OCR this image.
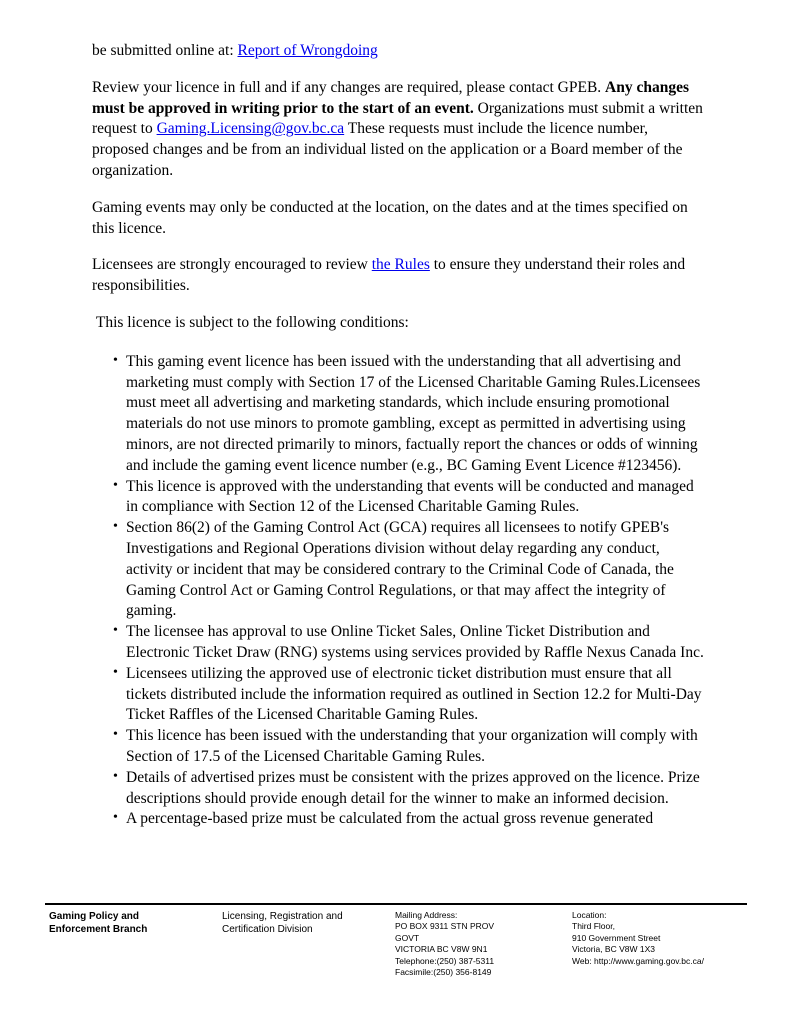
be submitted online at: Report of Wrongdoing

Review your licence in full and if any changes are required, please contact GPEB. Any changes must be approved in writing prior to the start of an event. Organizations must submit a written request to Gaming.Licensing@gov.bc.ca These requests must include the licence number, proposed changes and be from an individual listed on the application or a Board member of the organization.

Gaming events may only be conducted at the location, on the dates and at the times specified on this licence.

Licensees are strongly encouraged to review the Rules to ensure they understand their roles and responsibilities.

This licence is subject to the following conditions:

• This gaming event licence has been issued with the understanding that all advertising and marketing must comply with Section 17 of the Licensed Charitable Gaming Rules.Licensees must meet all advertising and marketing standards, which include ensuring promotional materials do not use minors to promote gambling, except as permitted in advertising using minors, are not directed primarily to minors, factually report the chances or odds of winning and include the gaming event licence number (e.g., BC Gaming Event Licence #123456).
• This licence is approved with the understanding that events will be conducted and managed in compliance with Section 12 of the Licensed Charitable Gaming Rules.
• Section 86(2) of the Gaming Control Act (GCA) requires all licensees to notify GPEB's Investigations and Regional Operations division without delay regarding any conduct, activity or incident that may be considered contrary to the Criminal Code of Canada, the Gaming Control Act or Gaming Control Regulations, or that may affect the integrity of gaming.
• The licensee has approval to use Online Ticket Sales, Online Ticket Distribution and Electronic Ticket Draw (RNG) systems using services provided by Raffle Nexus Canada Inc.
• Licensees utilizing the approved use of electronic ticket distribution must ensure that all tickets distributed include the information required as outlined in Section 12.2 for Multi-Day Ticket Raffles of the Licensed Charitable Gaming Rules.
• This licence has been issued with the understanding that your organization will comply with Section of 17.5 of the Licensed Charitable Gaming Rules.
• Details of advertised prizes must be consistent with the prizes approved on the licence. Prize descriptions should provide enough detail for the winner to make an informed decision.
• A percentage-based prize must be calculated from the actual gross revenue generated
Gaming Policy and
Enforcement Branch
Licensing, Registration and
Certification Division
Mailing Address:
PO BOX 9311 STN PROV
GOVT
VICTORIA BC V8W 9N1
Telephone:(250) 387-5311
Facsimile:(250) 356-8149
Location:
Third Floor,
910 Government Street
Victoria, BC V8W 1X3
Web: http://www.gaming.gov.bc.ca/
